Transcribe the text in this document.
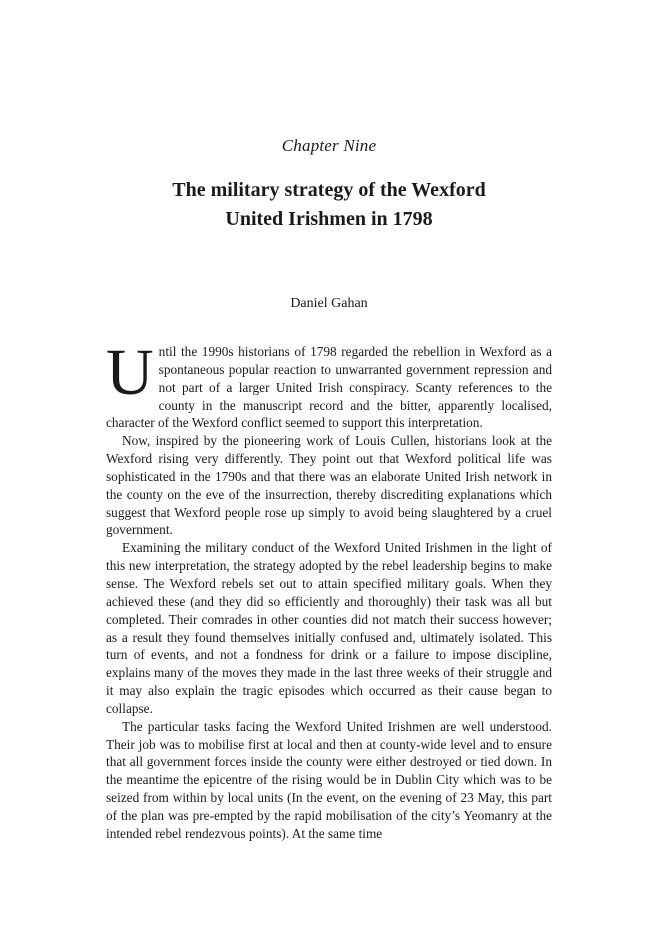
Chapter Nine
The military strategy of the Wexford
United Irishmen in 1798
Daniel Gahan

Until the 1990s historians of 1798 regarded the rebellion in Wexford as a spontaneous popular reaction to unwarranted government repression and not part of a larger United Irish conspiracy. Scanty references to the county in the manuscript record and the bitter, apparently localised, character of the Wexford conflict seemed to support this interpretation.

Now, inspired by the pioneering work of Louis Cullen, historians look at the Wexford rising very differently. They point out that Wexford political life was sophisticated in the 1790s and that there was an elaborate United Irish network in the county on the eve of the insurrection, thereby discrediting explanations which suggest that Wexford people rose up simply to avoid being slaughtered by a cruel government.

Examining the military conduct of the Wexford United Irishmen in the light of this new interpretation, the strategy adopted by the rebel leadership begins to make sense. The Wexford rebels set out to attain specified military goals. When they achieved these (and they did so efficiently and thoroughly) their task was all but completed. Their comrades in other counties did not match their success however; as a result they found themselves initially confused and, ultimately isolated. This turn of events, and not a fondness for drink or a failure to impose discipline, explains many of the moves they made in the last three weeks of their struggle and it may also explain the tragic episodes which occurred as their cause began to collapse.

The particular tasks facing the Wexford United Irishmen are well understood. Their job was to mobilise first at local and then at county-wide level and to ensure that all government forces inside the county were either destroyed or tied down. In the meantime the epicentre of the rising would be in Dublin City which was to be seized from within by local units (In the event, on the evening of 23 May, this part of the plan was pre-empted by the rapid mobilisation of the city’s Yeomanry at the intended rebel rendezvous points). At the same time
